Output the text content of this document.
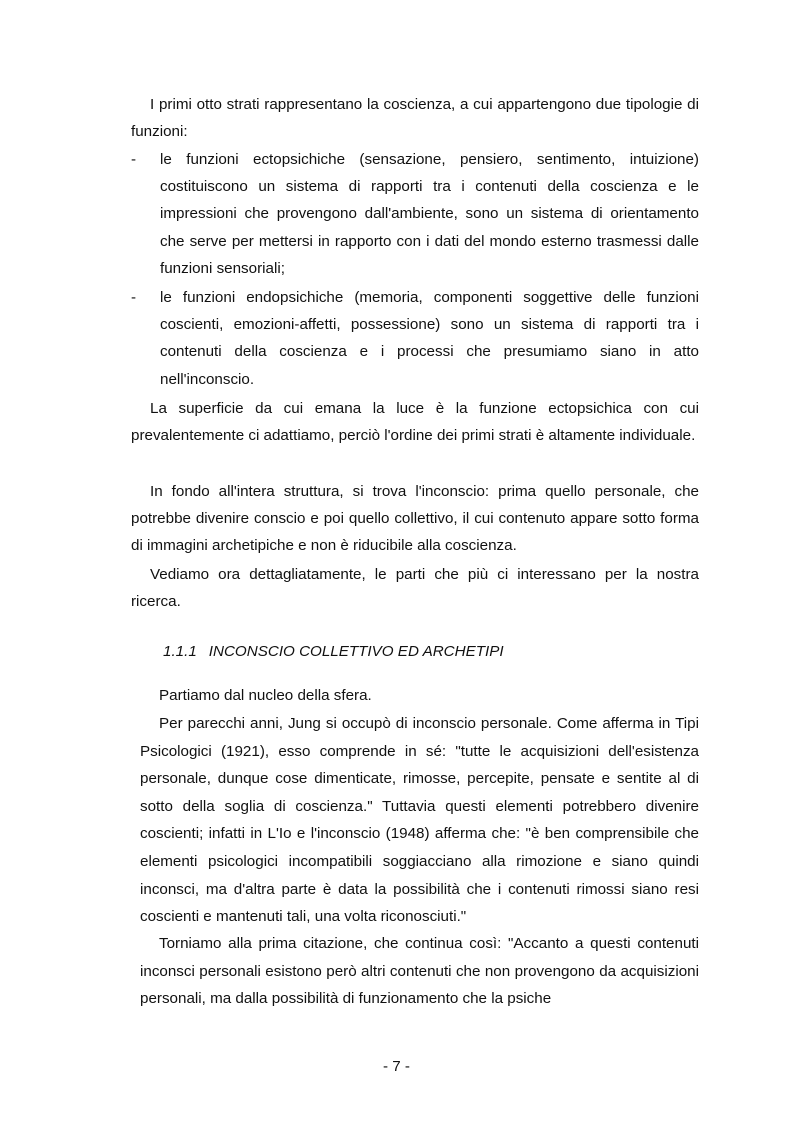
I primi otto strati rappresentano la coscienza, a cui appartengono due tipologie di funzioni:

- le funzioni ectopsichiche (sensazione, pensiero, sentimento, intuizione) costituiscono un sistema di rapporti tra i contenuti della coscienza e le impressioni che provengono dall'ambiente, sono un sistema di orientamento che serve per mettersi in rapporto con i dati del mondo esterno trasmessi dalle funzioni sensoriali;

- le funzioni endopsichiche (memoria, componenti soggettive delle funzioni coscienti, emozioni-affetti, possessione) sono un sistema di rapporti tra i contenuti della coscienza e i processi che presumiamo siano in atto nell'inconscio.

La superficie da cui emana la luce è la funzione ectopsichica con cui prevalentemente ci adattiamo, perciò l'ordine dei primi strati è altamente individuale.

In fondo all'intera struttura, si trova l'inconscio: prima quello personale, che potrebbe divenire conscio e poi quello collettivo, il cui contenuto appare sotto forma di immagini archetipiche e non è riducibile alla coscienza.

Vediamo ora dettagliatamente, le parti che più ci interessano per la nostra ricerca.

1.1.1 INCONSCIO COLLETTIVO ED ARCHETIPI

Partiamo dal nucleo della sfera.

Per parecchi anni, Jung si occupò di inconscio personale. Come afferma in Tipi Psicologici (1921), esso comprende in sé: "tutte le acquisizioni dell'esistenza personale, dunque cose dimenticate, rimosse, percepite, pensate e sentite al di sotto della soglia di coscienza." Tuttavia questi elementi potrebbero divenire coscienti; infatti in L'Io e l'inconscio (1948) afferma che: "è ben comprensibile che elementi psicologici incompatibili soggiacciano alla rimozione e siano quindi inconsci, ma d'altra parte è data la possibilità che i contenuti rimossi siano resi coscienti e mantenuti tali, una volta riconosciuti."

Torniamo alla prima citazione, che continua così: "Accanto a questi contenuti inconsci personali esistono però altri contenuti che non provengono da acquisizioni personali, ma dalla possibilità di funzionamento che la psiche

- 7 -
